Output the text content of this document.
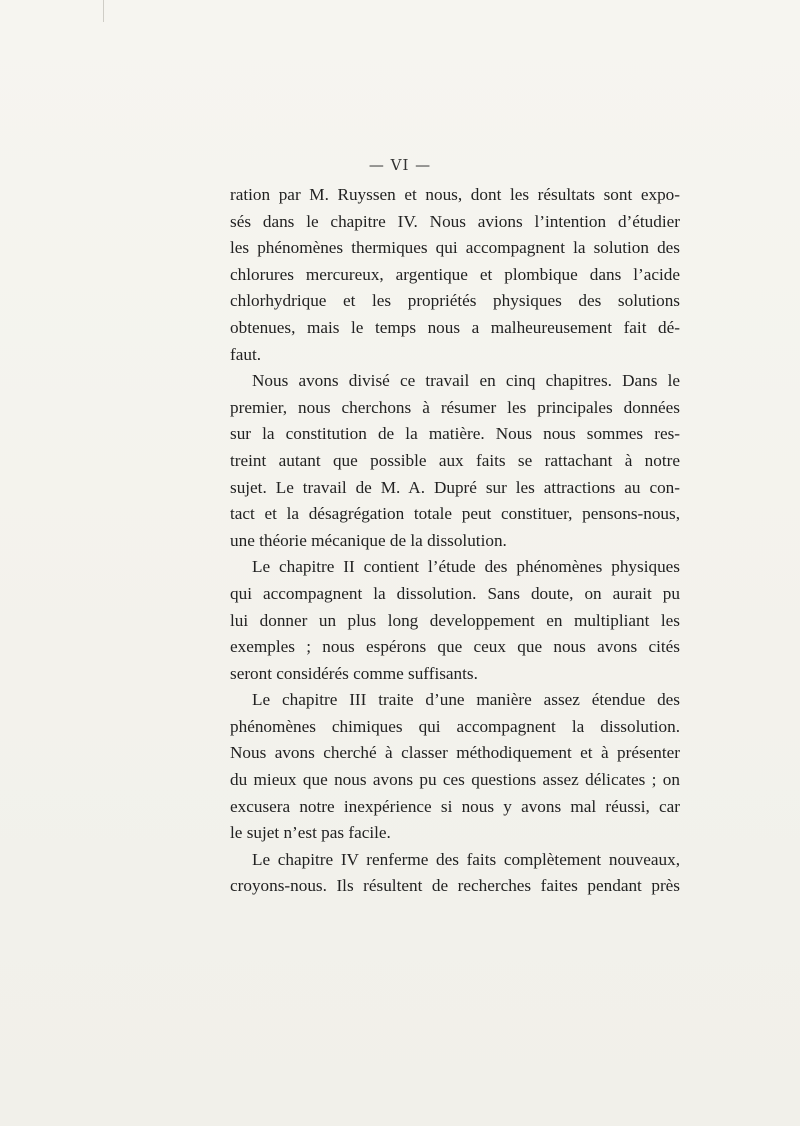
— VI —
ration par M. Ruyssen et nous, dont les résultats sont expo-
sés dans le chapitre IV. Nous avions l’intention d’étudier
les phénomènes thermiques qui accompagnent la solution des
chlorures mercureux, argentique et plombique dans l’acide
chlorhydrique et les propriétés physiques des solutions
obtenues, mais le temps nous a malheureusement fait dé-
faut.
Nous avons divisé ce travail en cinq chapitres. Dans le
premier, nous cherchons à résumer les principales données
sur la constitution de la matière. Nous nous sommes res-
treint autant que possible aux faits se rattachant à notre
sujet. Le travail de M. A. Dupré sur les attractions au con-
tact et la désagrégation totale peut constituer, pensons-nous,
une théorie mécanique de la dissolution.
Le chapitre II contient l’étude des phénomènes physiques
qui accompagnent la dissolution. Sans doute, on aurait pu
lui donner un plus long developpement en multipliant les
exemples ; nous espérons que ceux que nous avons cités
seront considérés comme suffisants.
Le chapitre III traite d’une manière assez étendue des
phénomènes chimiques qui accompagnent la dissolution.
Nous avons cherché à classer méthodiquement et à présenter
du mieux que nous avons pu ces questions assez délicates ; on
excusera notre inexpérience si nous y avons mal réussi, car
le sujet n’est pas facile.
Le chapitre IV renferme des faits complètement nouveaux,
croyons-nous. Ils résultent de recherches faites pendant près
